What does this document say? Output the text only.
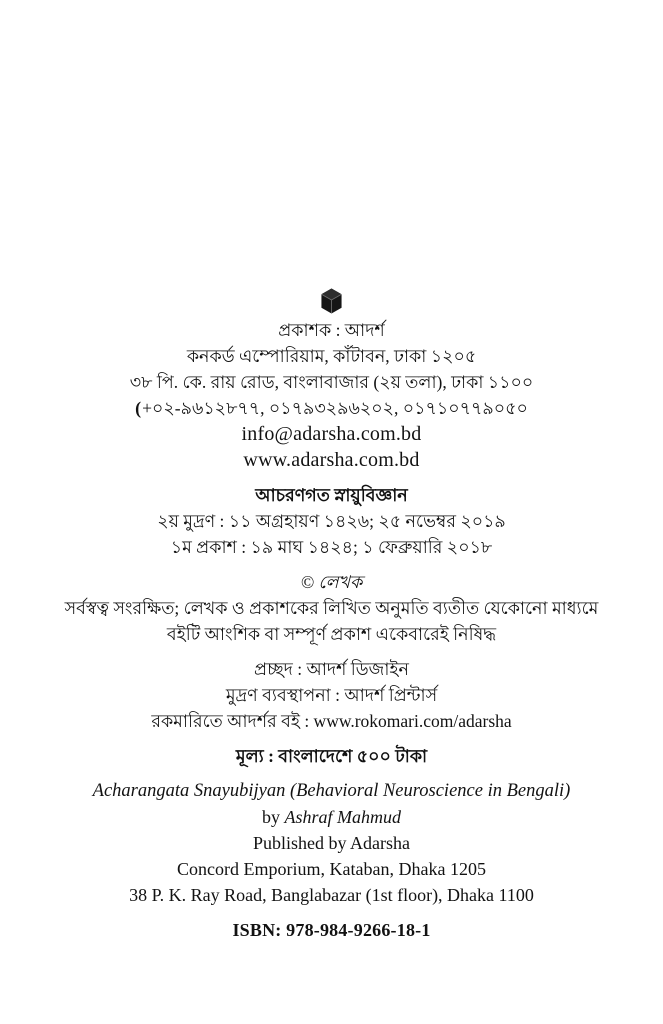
প্রকাশক : আদর্শ
কনকর্ড এম্পোরিয়াম, কাঁটাবন, ঢাকা ১২০৫
৩৮ পি. কে. রায় রোড, বাংলাবাজার (২য় তলা), ঢাকা ১১০০
(+০২-৯৬১২৮৭৭, ০১৭৯৩২৯৬২০২, ০১৭১০৭৭৯০৫০
info@adarsha.com.bd
www.adarsha.com.bd
আচরণগত স্নায়ুবিজ্ঞান
২য় মুদ্রণ : ১১ অগ্রহায়ণ ১৪২৬; ২৫ নভেম্বর ২০১৯
১ম প্রকাশ : ১৯ মাঘ ১৪২৪; ১ ফেব্রুয়ারি ২০১৮
© লেখক
সর্বস্বত্ব সংরক্ষিত; লেখক ও প্রকাশকের লিখিত অনুমতি ব্যতীত যেকোনো মাধ্যমে
বইটি আংশিক বা সম্পূর্ণ প্রকাশ একেবারেই নিষিদ্ধ
প্রচ্ছদ : আদর্শ ডিজাইন
মুদ্রণ ব্যবস্থাপনা : আদর্শ প্রিন্টার্স
রকমারিতে আদর্শর বই : www.rokomari.com/adarsha
মূল্য : বাংলাদেশে ৫০০ টাকা
Acharangata Snayubijyan (Behavioral Neuroscience in Bengali)
by Ashraf Mahmud
Published by Adarsha
Concord Emporium, Kataban, Dhaka 1205
38 P. K. Ray Road, Banglabazar (1st floor), Dhaka 1100
ISBN: 978-984-9266-18-1
